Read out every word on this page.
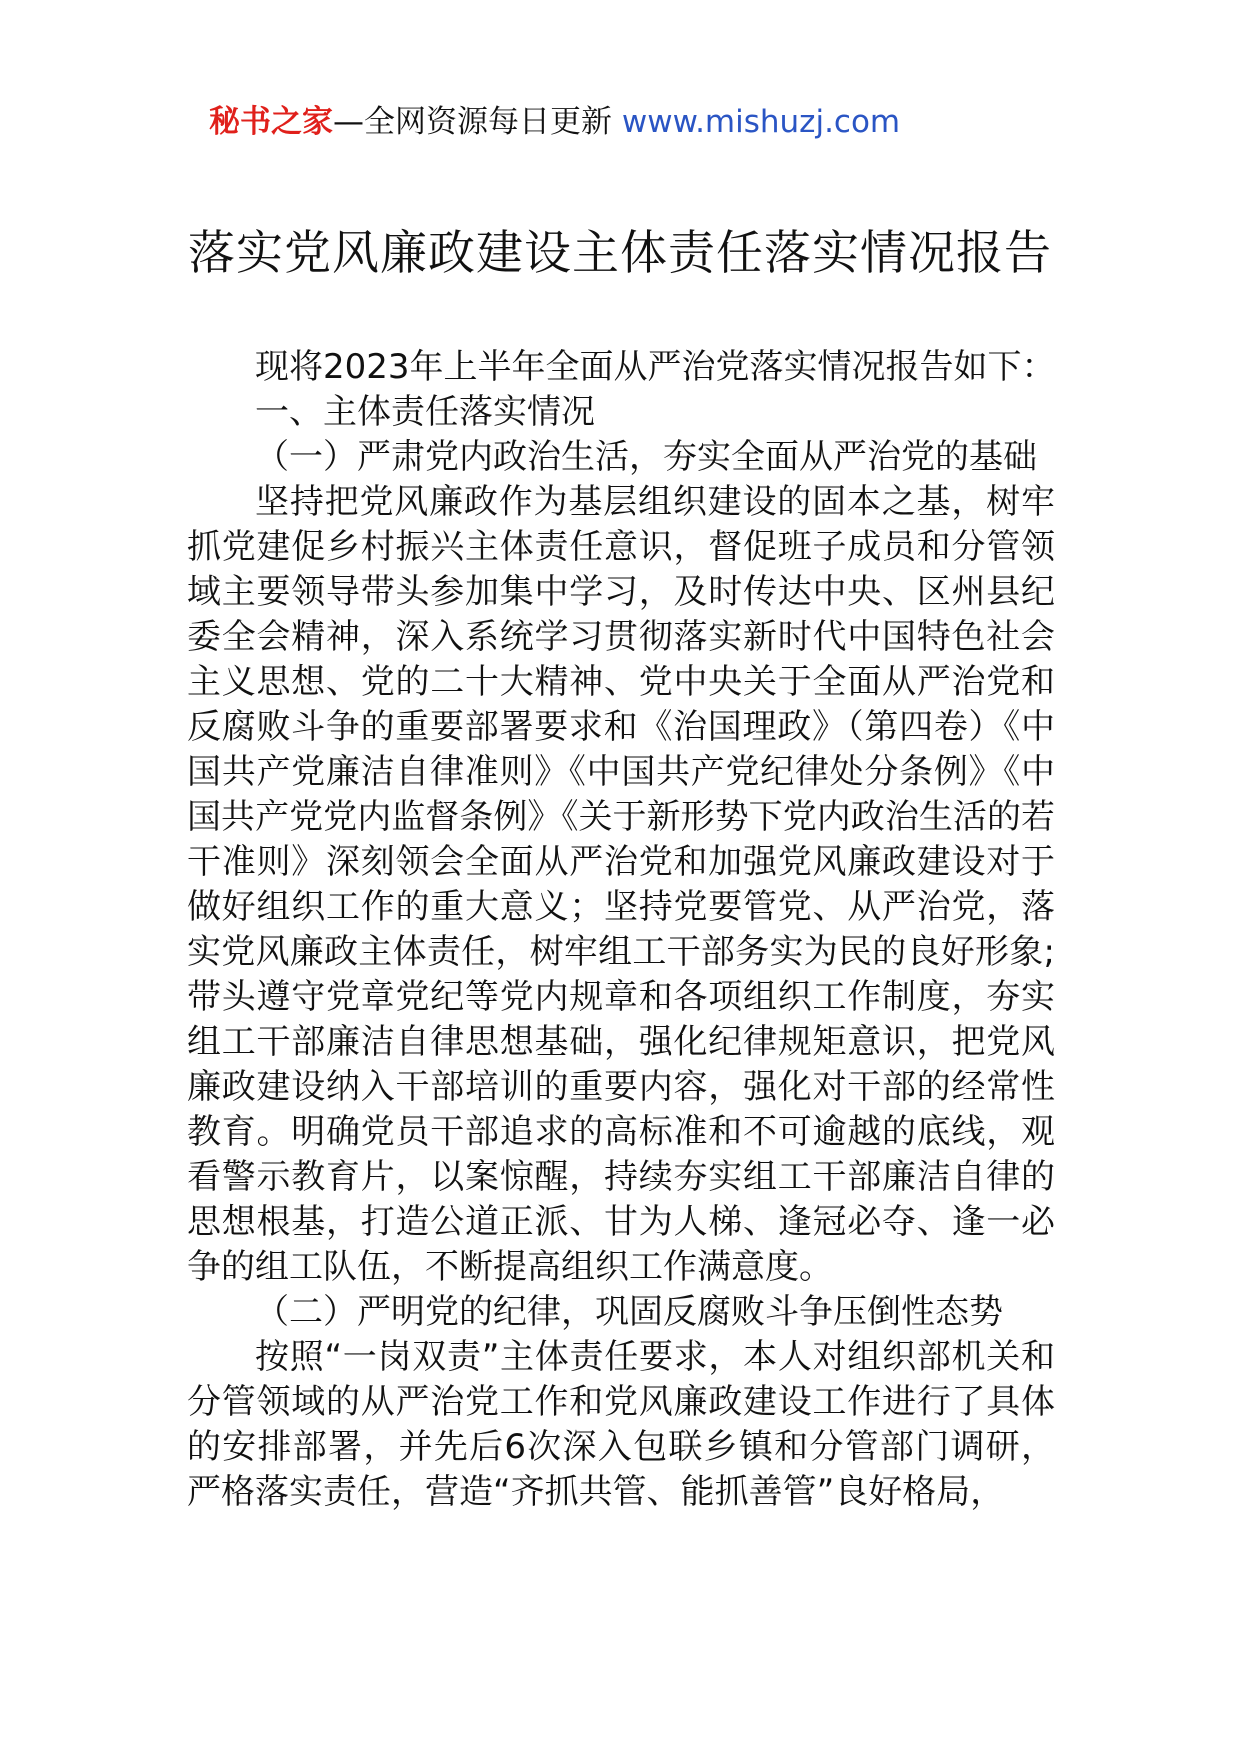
秘书之家—全网资源每日更新 www.mishuzj.com
落实党风廉政建设主体责任落实情况报告

现将2023年上半年全面从严治党落实情况报告如下：

一、主体责任落实情况

（一）严肃党内政治生活，夯实全面从严治党的基础

坚持把党风廉政作为基层组织建设的固本之基，树牢抓党建促乡村振兴主体责任意识，督促班子成员和分管领域主要领导带头参加集中学习，及时传达中央、区州县纪委全会精神，深入系统学习贯彻落实新时代中国特色社会主义思想、党的二十大精神、党中央关于全面从严治党和反腐败斗争的重要部署要求和《治国理政》（第四卷）《中国共产党廉洁自律准则》《中国共产党纪律处分条例》《中国共产党党内监督条例》《关于新形势下党内政治生活的若干准则》深刻领会全面从严治党和加强党风廉政建设对于做好组织工作的重大意义；坚持党要管党、从严治党，落实党风廉政主体责任，树牢组工干部务实为民的良好形象;带头遵守党章党纪等党内规章和各项组织工作制度，夯实组工干部廉洁自律思想基础，强化纪律规矩意识，把党风廉政建设纳入干部培训的重要内容，强化对干部的经常性教育。明确党员干部追求的高标准和不可逾越的底线，观看警示教育片，以案惊醒，持续夯实组工干部廉洁自律的思想根基，打造公道正派、甘为人梯、逢冠必夺、逢一必争的组工队伍，不断提高组织工作满意度。

（二）严明党的纪律，巩固反腐败斗争压倒性态势

按照“一岗双责”主体责任要求，本人对组织部机关和分管领域的从严治党工作和党风廉政建设工作进行了具体的安排部署，并先后6次深入包联乡镇和分管部门调研，严格落实责任，营造“齐抓共管、能抓善管”良好格局，
